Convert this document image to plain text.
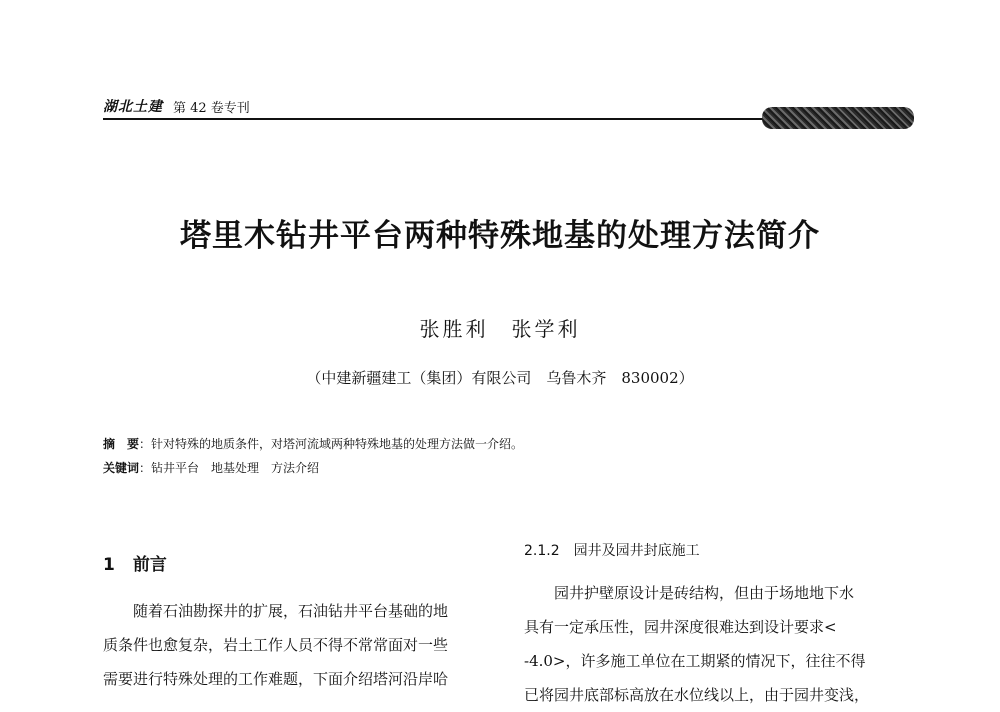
湖北土建 第 42 卷专刊
塔里木钻井平台两种特殊地基的处理方法简介
张胜利　张学利
（中建新疆建工（集团）有限公司　乌鲁木齐　830002）
摘　要：针对特殊的地质条件，对塔河流域两种特殊地基的处理方法做一介绍。
关键词：钻井平台　地基处理　方法介绍
1 前言
随着石油勘探井的扩展，石油钻井平台基础的地
质条件也愈复杂，岩土工作人员不得不常常面对一些
需要进行特殊处理的工作难题，下面介绍塔河沿岸哈
2.1.2 园井及园井封底施工
园井护壁原设计是砖结构，但由于场地地下水
具有一定承压性，园井深度很难达到设计要求<
-4.0>，许多施工单位在工期紧的情况下，往往不得
已将园井底部标高放在水位线以上，由于园井变浅，
